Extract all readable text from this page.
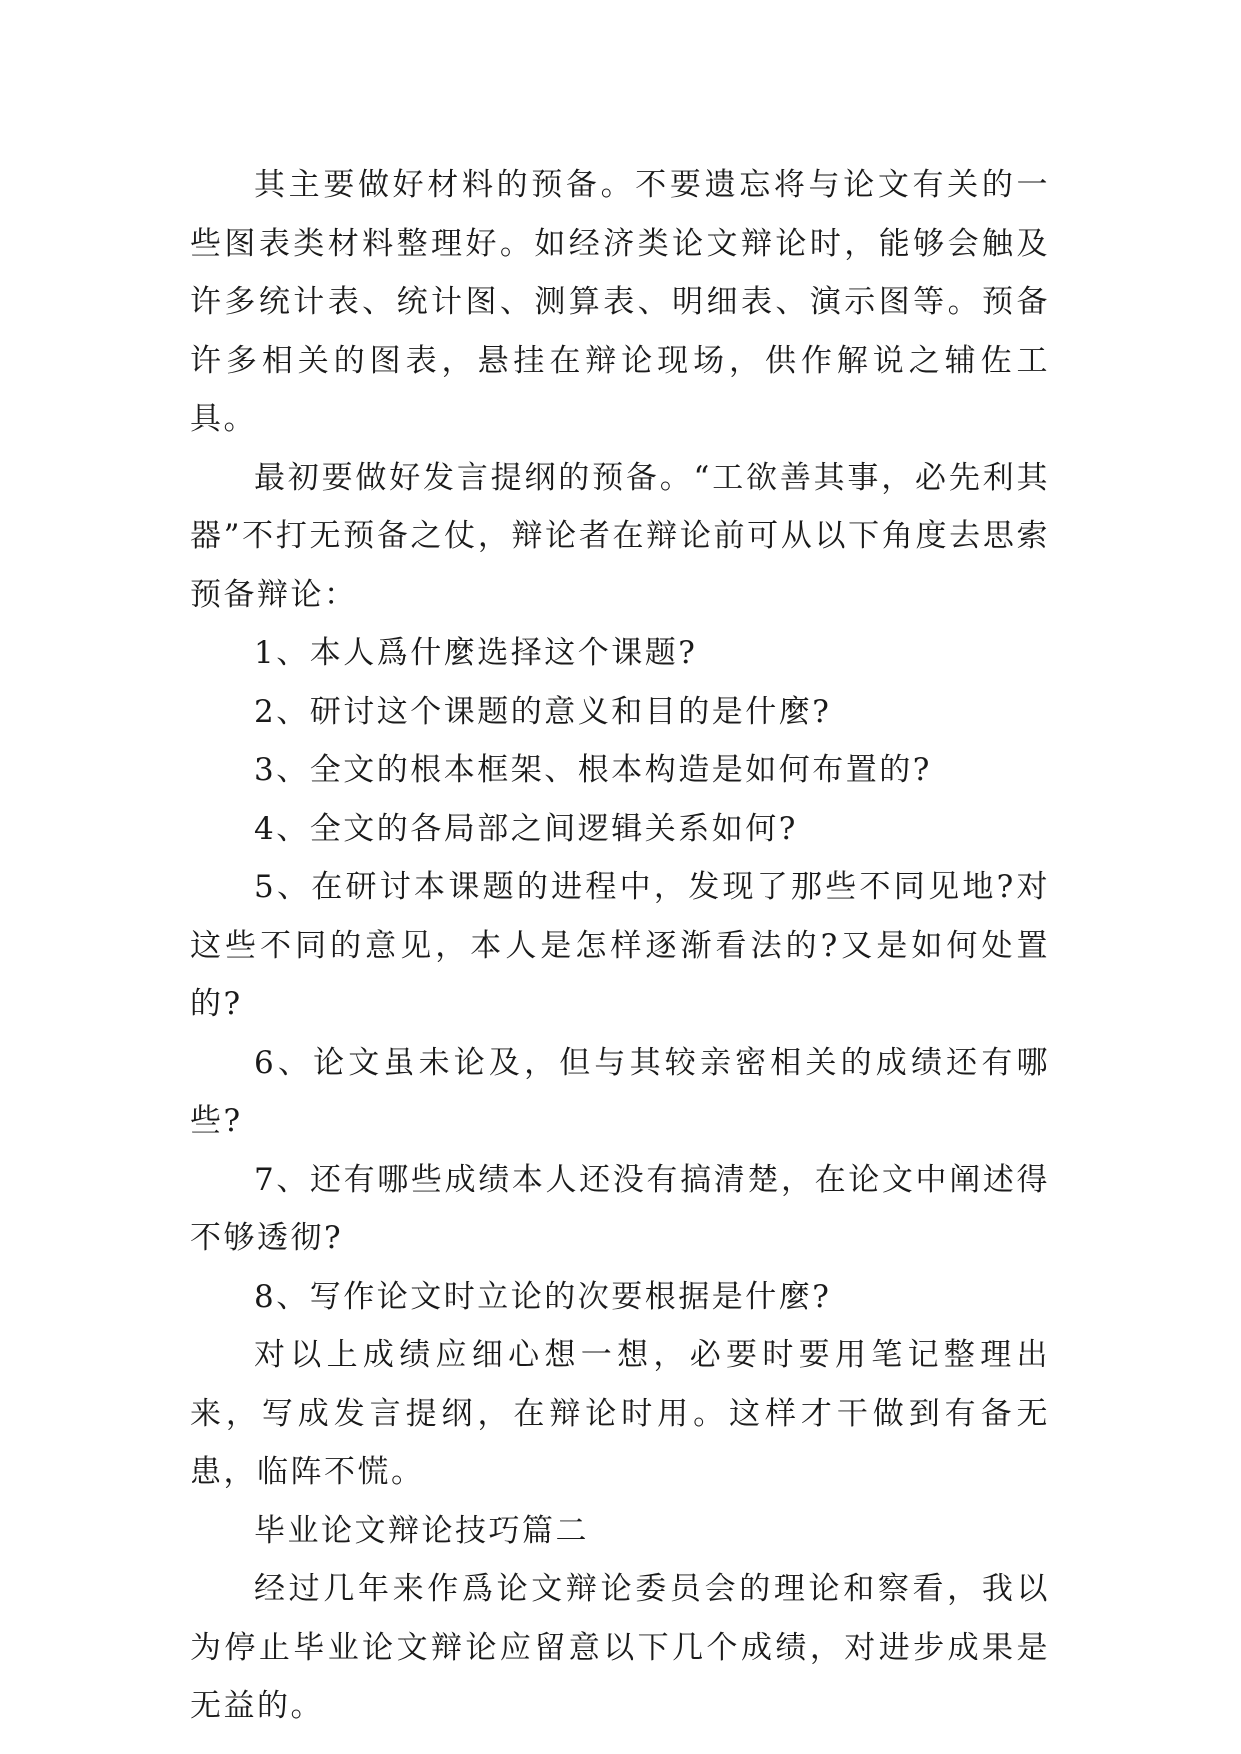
其主要做好材料的预备。不要遗忘将与论文有关的一些图表类材料整理好。如经济类论文辩论时，能够会触及许多统计表、统计图、测算表、明细表、演示图等。预备许多相关的图表，悬挂在辩论现场，供作解说之辅佐工具。

最初要做好发言提纲的预备。“工欲善其事，必先利其器”不打无预备之仗，辩论者在辩论前可从以下角度去思索预备辩论：

1、本人爲什麼选择这个课题?

2、研讨这个课题的意义和目的是什麼?

3、全文的根本框架、根本构造是如何布置的?

4、全文的各局部之间逻辑关系如何?

5、在研讨本课题的进程中，发现了那些不同见地?对这些不同的意见，本人是怎样逐渐看法的?又是如何处置的?

6、论文虽未论及，但与其较亲密相关的成绩还有哪些?

7、还有哪些成绩本人还没有搞清楚，在论文中阐述得不够透彻?

8、写作论文时立论的次要根据是什麼?

对以上成绩应细心想一想，必要时要用笔记整理出来，写成发言提纲，在辩论时用。这样才干做到有备无患，临阵不慌。

毕业论文辩论技巧篇二

经过几年来作爲论文辩论委员会的理论和察看，我以为停止毕业论文辩论应留意以下几个成绩，对进步成果是无益的。
